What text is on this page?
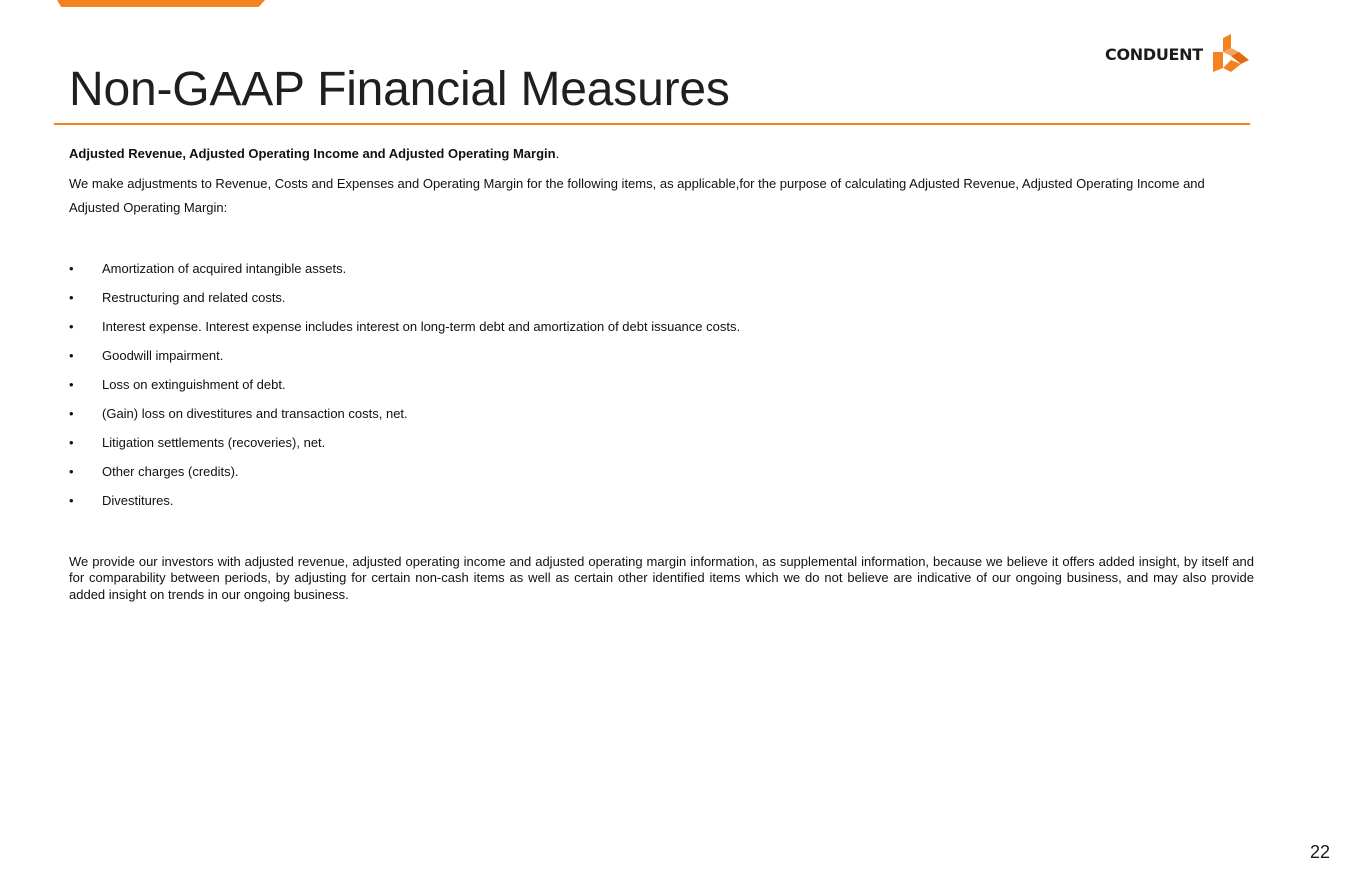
CONDUENT
Non-GAAP Financial Measures

Adjusted Revenue, Adjusted Operating Income and Adjusted Operating Margin.

We make adjustments to Revenue, Costs and Expenses and Operating Margin for the following items, as applicable,for the purpose of calculating Adjusted Revenue, Adjusted Operating Income and Adjusted Operating Margin:

•	Amortization of acquired intangible assets.
•	Restructuring and related costs.
•	Interest expense. Interest expense includes interest on long-term debt and amortization of debt issuance costs.
•	Goodwill impairment.
•	Loss on extinguishment of debt.
•	(Gain) loss on divestitures and transaction costs, net.
•	Litigation settlements (recoveries), net.
•	Other charges (credits).
•	Divestitures.

We provide our investors with adjusted revenue, adjusted operating income and adjusted operating margin information, as supplemental information, because we believe it offers added insight, by itself and for comparability between periods, by adjusting for certain non-cash items as well as certain other identified items which we do not believe are indicative of our ongoing business, and may also provide added insight on trends in our ongoing business.

22
